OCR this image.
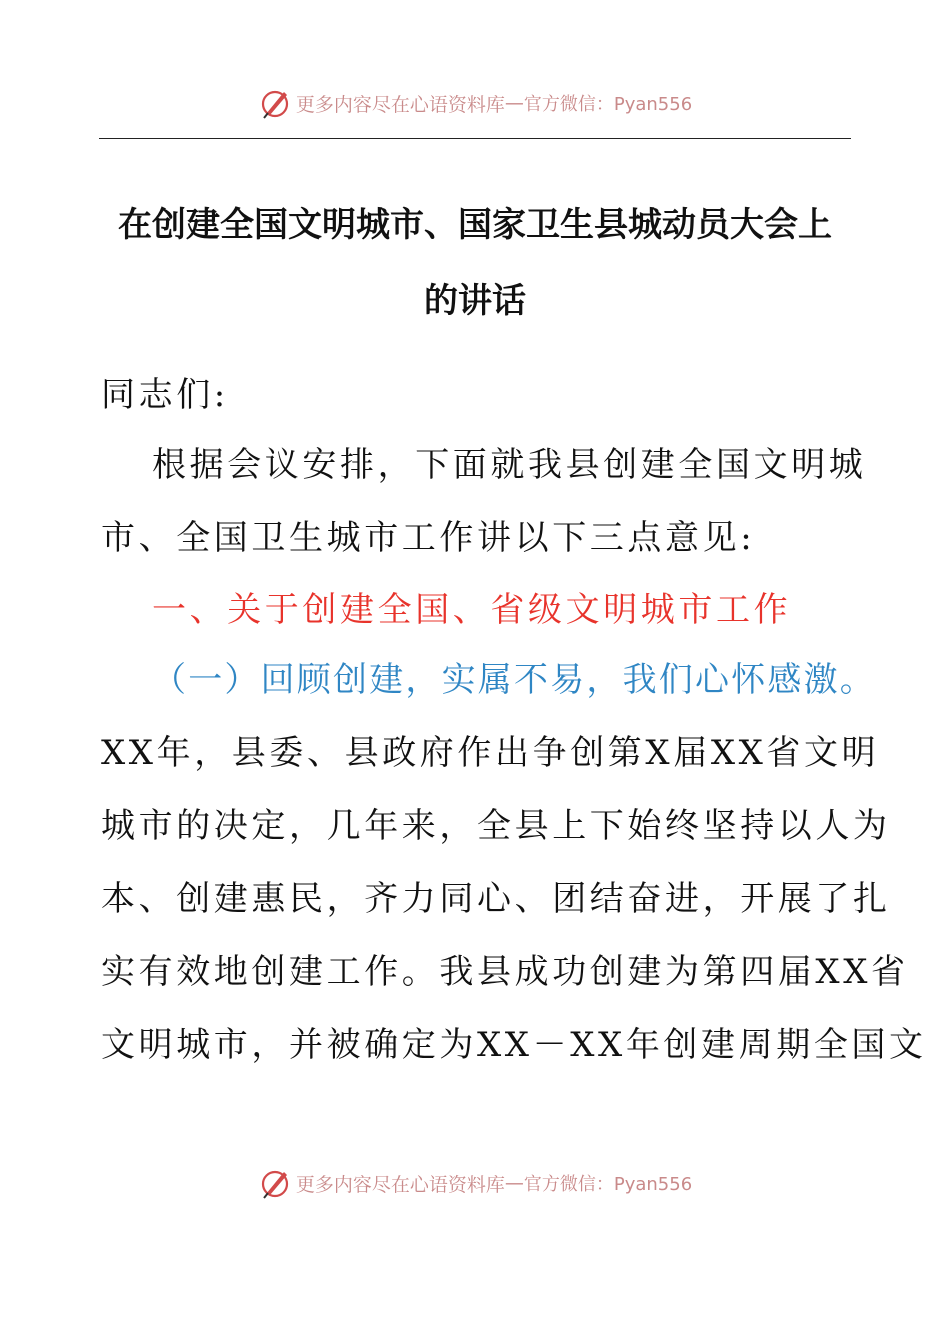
更多内容尽在心语资料库 — 官方微信：Pyan556
在创建全国文明城市、国家卫生县城动员大会上
的讲话
同志们:
根据会议安排，下面就我县创建全国文明城
市、全国卫生城市工作讲以下三点意见:
一、关于创建全国、省级文明城市工作
（一）回顾创建，实属不易，我们心怀感激。
XX年，县委、县政府作出争创第X届XX省文明
城市的决定，几年来，全县上下始终坚持以人为
本、创建惠民，齐力同心、团结奋进，开展了扎
实有效地创建工作。我县成功创建为第四届XX省
文明城市，并被确定为XX－XX年创建周期全国文
更多内容尽在心语资料库 — 官方微信：Pyan556
